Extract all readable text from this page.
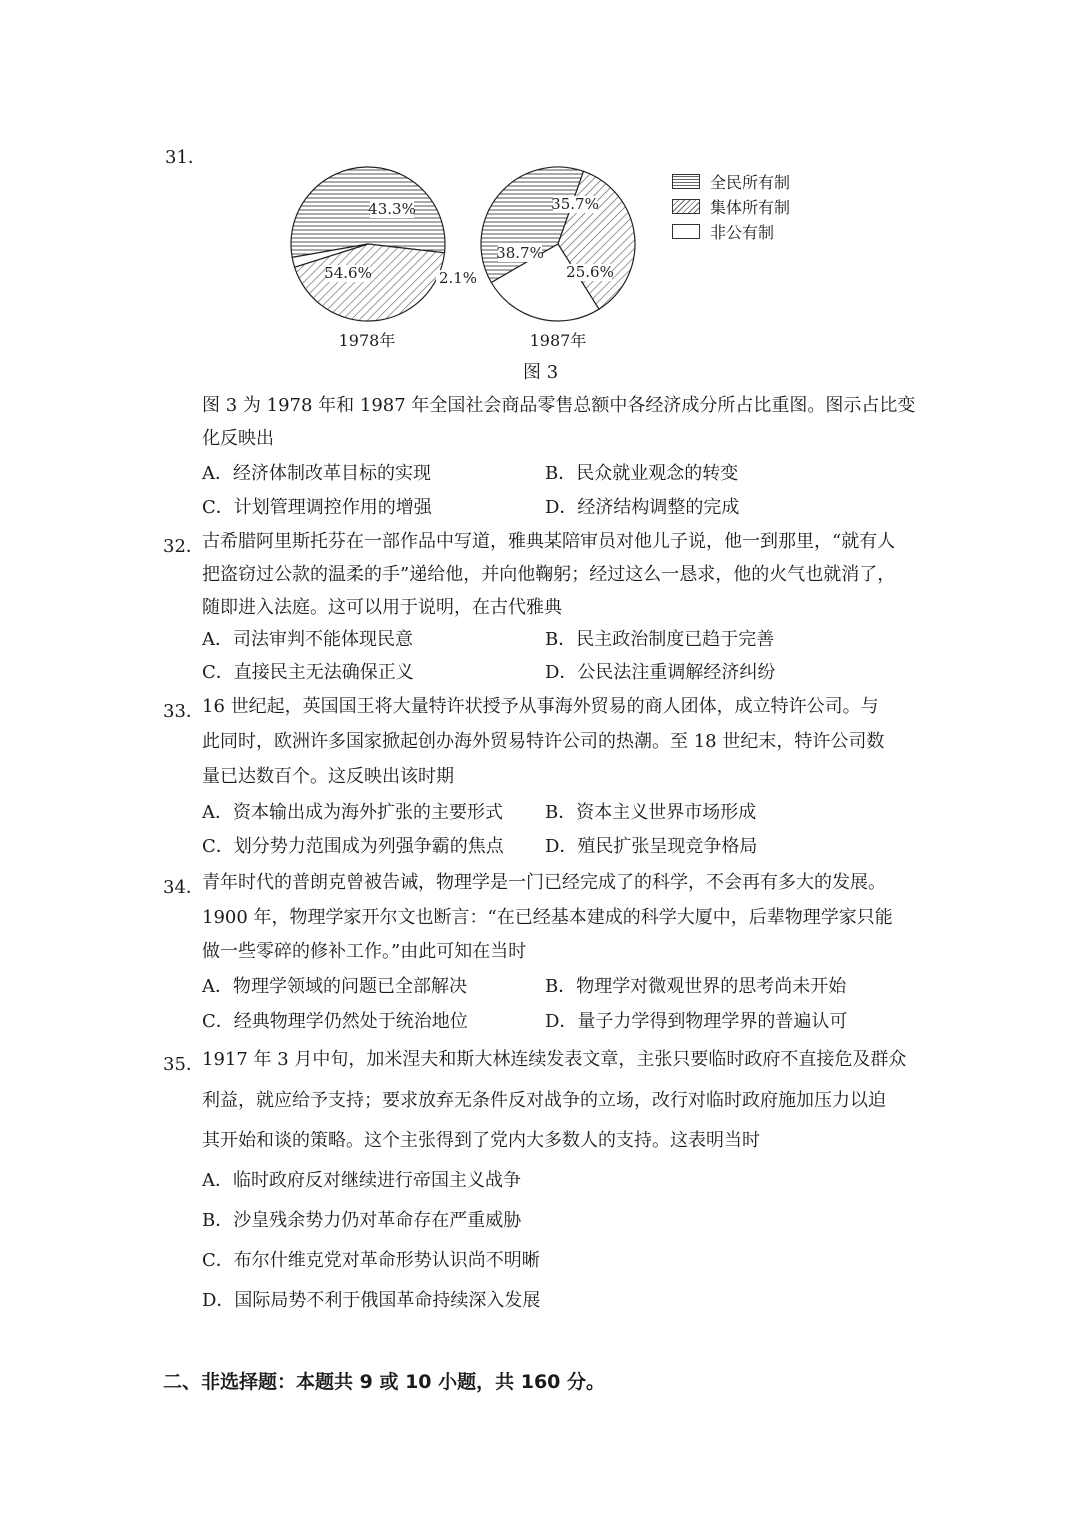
31．
54.6%
43.3%
2.1%
38.7%
35.7%
25.6%
1978年	1987年
全民所有制
集体所有制
非公有制
图 3
图 3 为 1978 年和 1987 年全国社会商品零售总额中各经济成分所占比重图。图示占比变
化反映出
A．经济体制改革目标的实现	B．民众就业观念的转变
C．计划管理调控作用的增强	D．经济结构调整的完成
32．
古希腊阿里斯托芬在一部作品中写道，雅典某陪审员对他儿子说，他一到那里，“就有人
把盗窃过公款的温柔的手”递给他，并向他鞠躬；经过这么一恳求，他的火气也就消了，
随即进入法庭。这可以用于说明，在古代雅典
A．司法审判不能体现民意	B．民主政治制度已趋于完善
C．直接民主无法确保正义	D．公民法注重调解经济纠纷
33．
16 世纪起，英国国王将大量特许状授予从事海外贸易的商人团体，成立特许公司。与
此同时，欧洲许多国家掀起创办海外贸易特许公司的热潮。至 18 世纪末，特许公司数
量已达数百个。这反映出该时期
A．资本输出成为海外扩张的主要形式 B．资本主义世界市场形成
C．划分势力范围成为列强争霸的焦点 D．殖民扩张呈现竞争格局
34．
青年时代的普朗克曾被告诫，物理学是一门已经完成了的科学，不会再有多大的发展。
1900 年，物理学家开尔文也断言：“在已经基本建成的科学大厦中，后辈物理学家只能
做一些零碎的修补工作。”由此可知在当时
A．物理学领域的问题已全部解决	B．物理学对微观世界的思考尚未开始
C．经典物理学仍然处于统治地位	D．量子力学得到物理学界的普遍认可
35．
1917 年 3 月中旬，加米涅夫和斯大林连续发表文章，主张只要临时政府不直接危及群众
利益，就应给予支持；要求放弃无条件反对战争的立场，改行对临时政府施加压力以迫
其开始和谈的策略。这个主张得到了党内大多数人的支持。这表明当时
A．临时政府反对继续进行帝国主义战争
B．沙皇残余势力仍对革命存在严重威胁
C．布尔什维克党对革命形势认识尚不明晰
D．国际局势不利于俄国革命持续深入发展
二、非选择题：本题共 9 或 10 小题，共 160 分。
